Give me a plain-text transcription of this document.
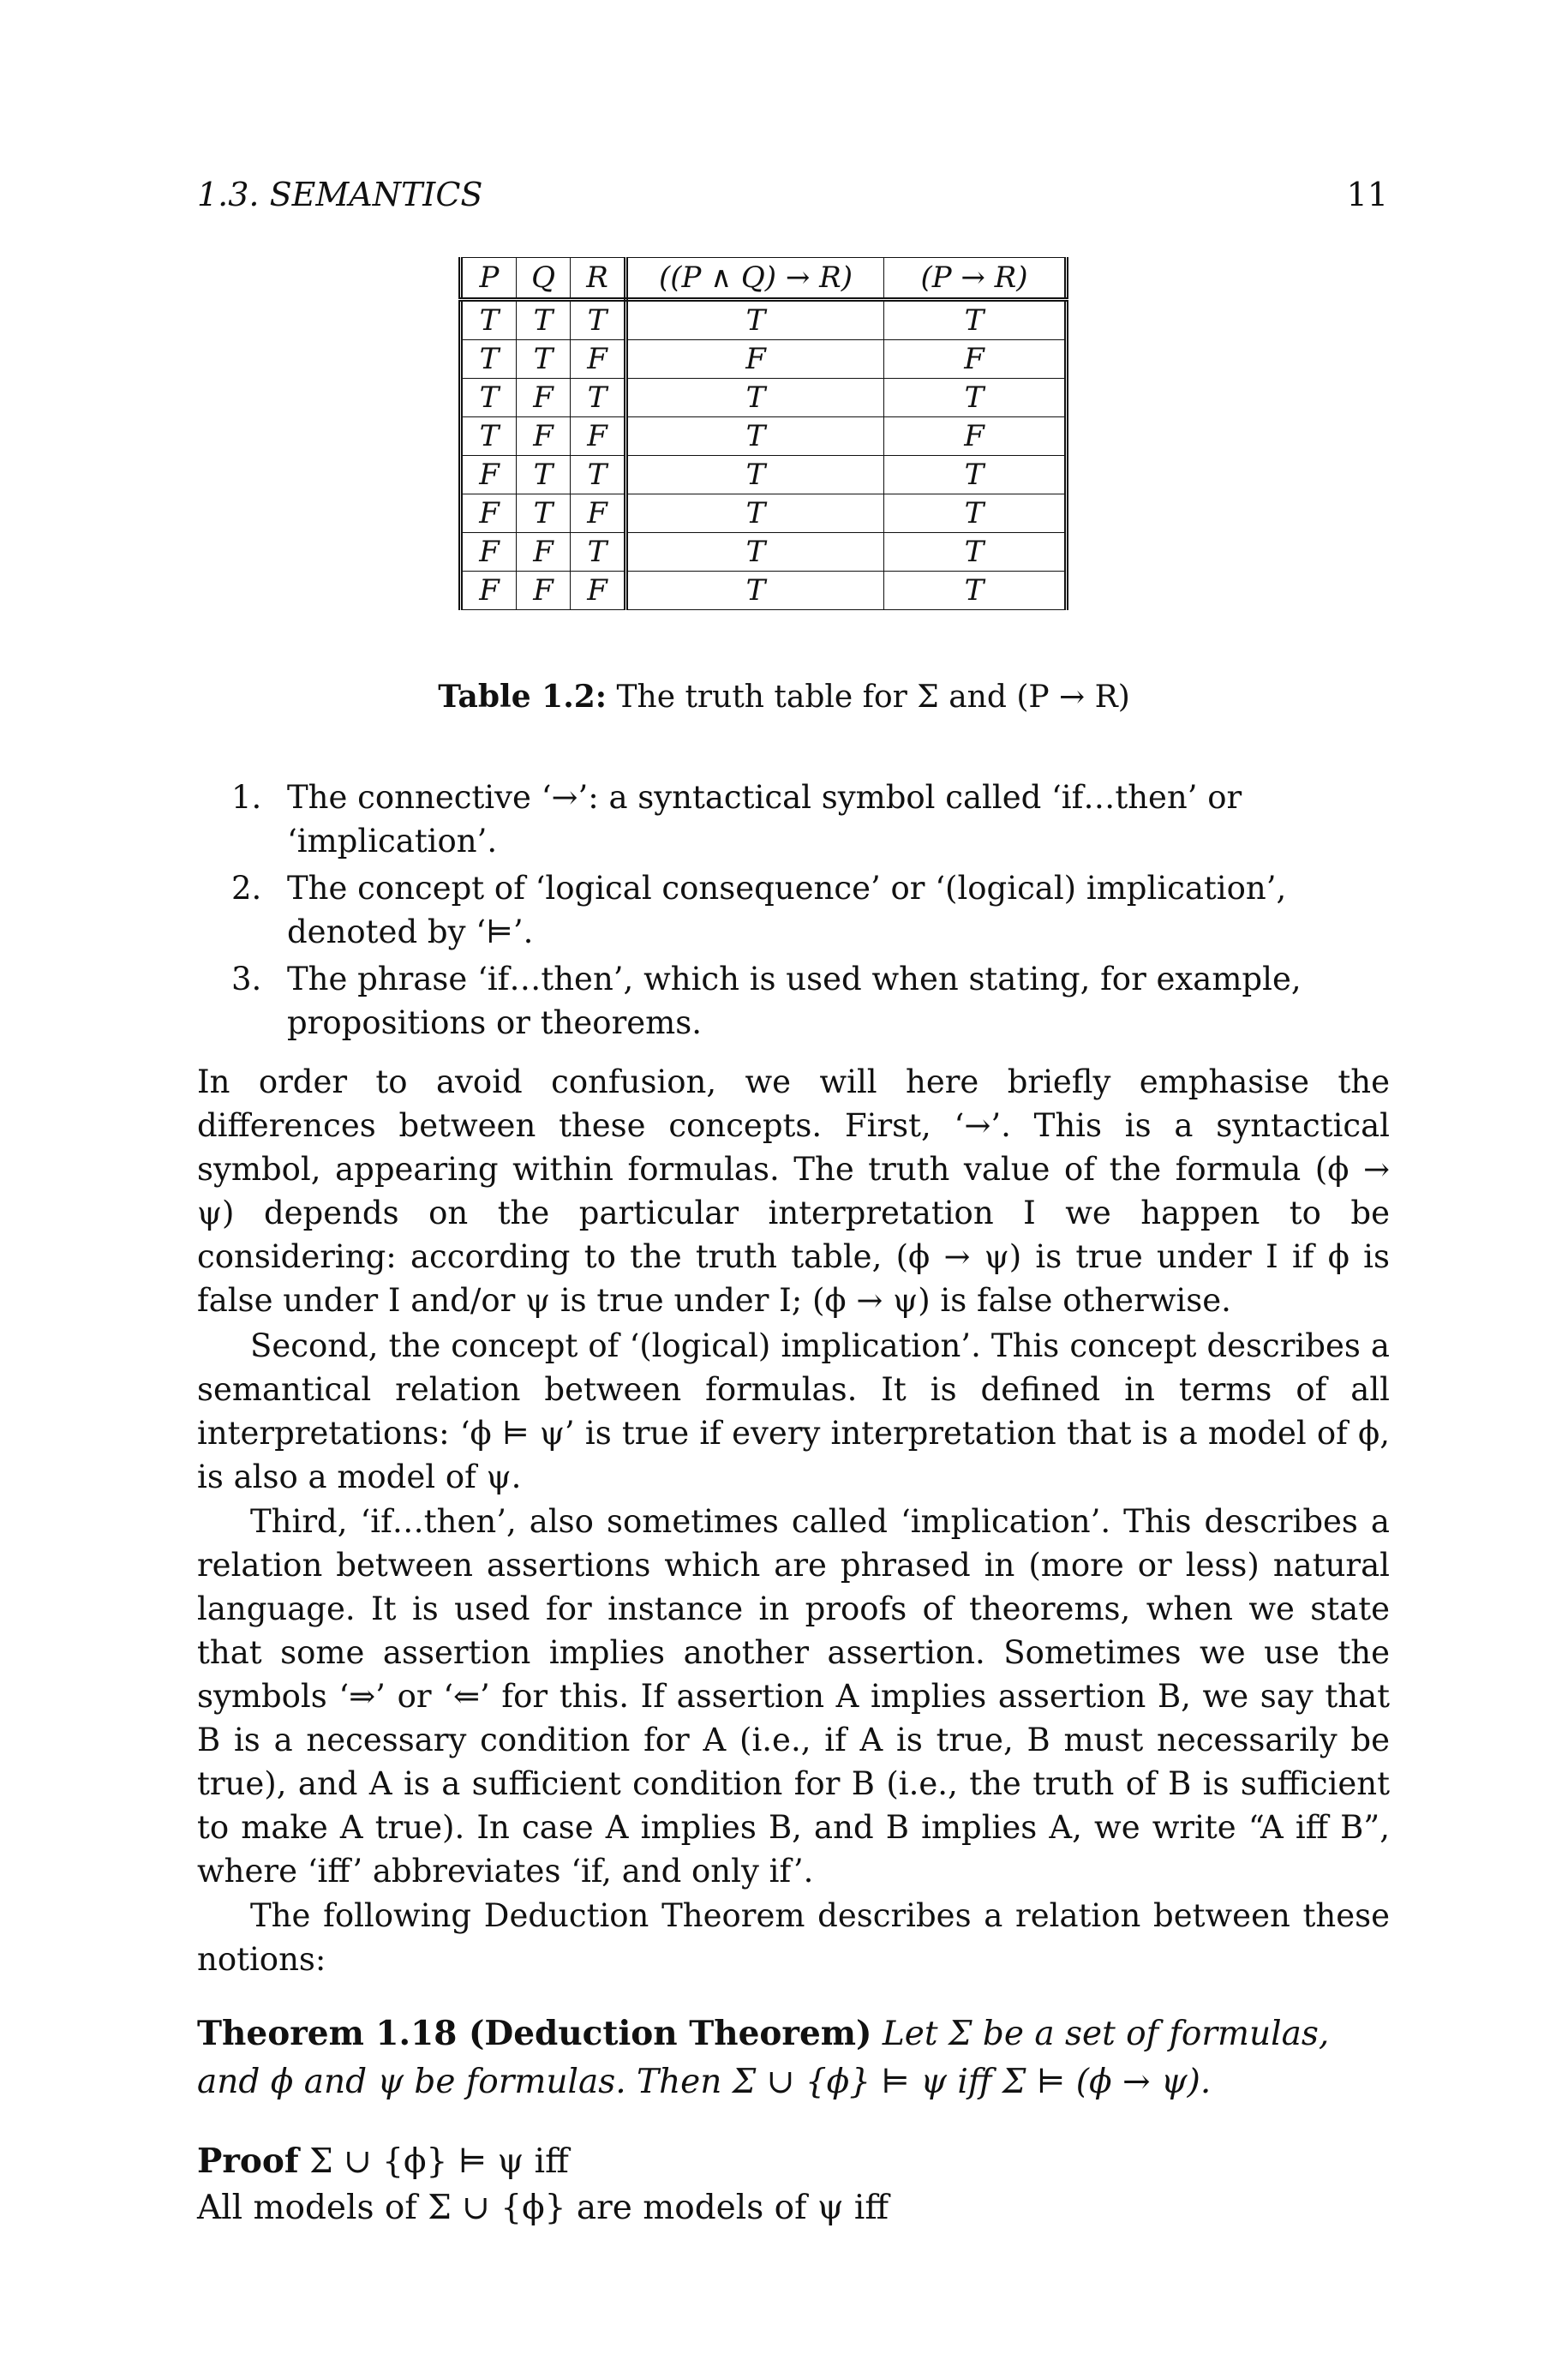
1.3. SEMANTICS	11
P	Q	R	((P ∧ Q) → R)	(P → R)
T	T	T	T	T
T	T	F	F	F
T	F	T	T	T
T	F	F	T	F
F	T	T	T	T
F	T	F	T	T
F	F	T	T	T
F	F	F	T	T
Table 1.2: The truth table for Σ and (P → R)
1. The connective ‘→’: a syntactical symbol called ‘if…then’ or ‘implication’.
2. The concept of ‘logical consequence’ or ‘(logical) implication’, denoted by ‘⊨’.
3. The phrase ‘if…then’, which is used when stating, for example, propositions or theorems.
In order to avoid confusion, we will here briefly emphasise the differences between these concepts. First, ‘→’. This is a syntactical symbol, appearing within formulas. The truth value of the formula (ϕ → ψ) depends on the particular interpretation I we happen to be considering: according to the truth table, (ϕ → ψ) is true under I if ϕ is false under I and/or ψ is true under I; (ϕ → ψ) is false otherwise.
Second, the concept of ‘(logical) implication’. This concept describes a semantical relation between formulas. It is defined in terms of all interpretations: ‘ϕ ⊨ ψ’ is true if every interpretation that is a model of ϕ, is also a model of ψ.
Third, ‘if…then’, also sometimes called ‘implication’. This describes a relation between assertions which are phrased in (more or less) natural language. It is used for instance in proofs of theorems, when we state that some assertion implies another assertion. Sometimes we use the symbols ‘⇒’ or ‘⇐’ for this. If assertion A implies assertion B, we say that B is a necessary condition for A (i.e., if A is true, B must necessarily be true), and A is a sufficient condition for B (i.e., the truth of B is sufficient to make A true). In case A implies B, and B implies A, we write “A iff B”, where ‘iff’ abbreviates ‘if, and only if’.
The following Deduction Theorem describes a relation between these notions:
Theorem 1.18 (Deduction Theorem) Let Σ be a set of formulas, and ϕ and ψ be formulas. Then Σ ∪ {ϕ} ⊨ ψ iff Σ ⊨ (ϕ → ψ).
Proof Σ ∪ {ϕ} ⊨ ψ iff
All models of Σ ∪ {ϕ} are models of ψ iff
